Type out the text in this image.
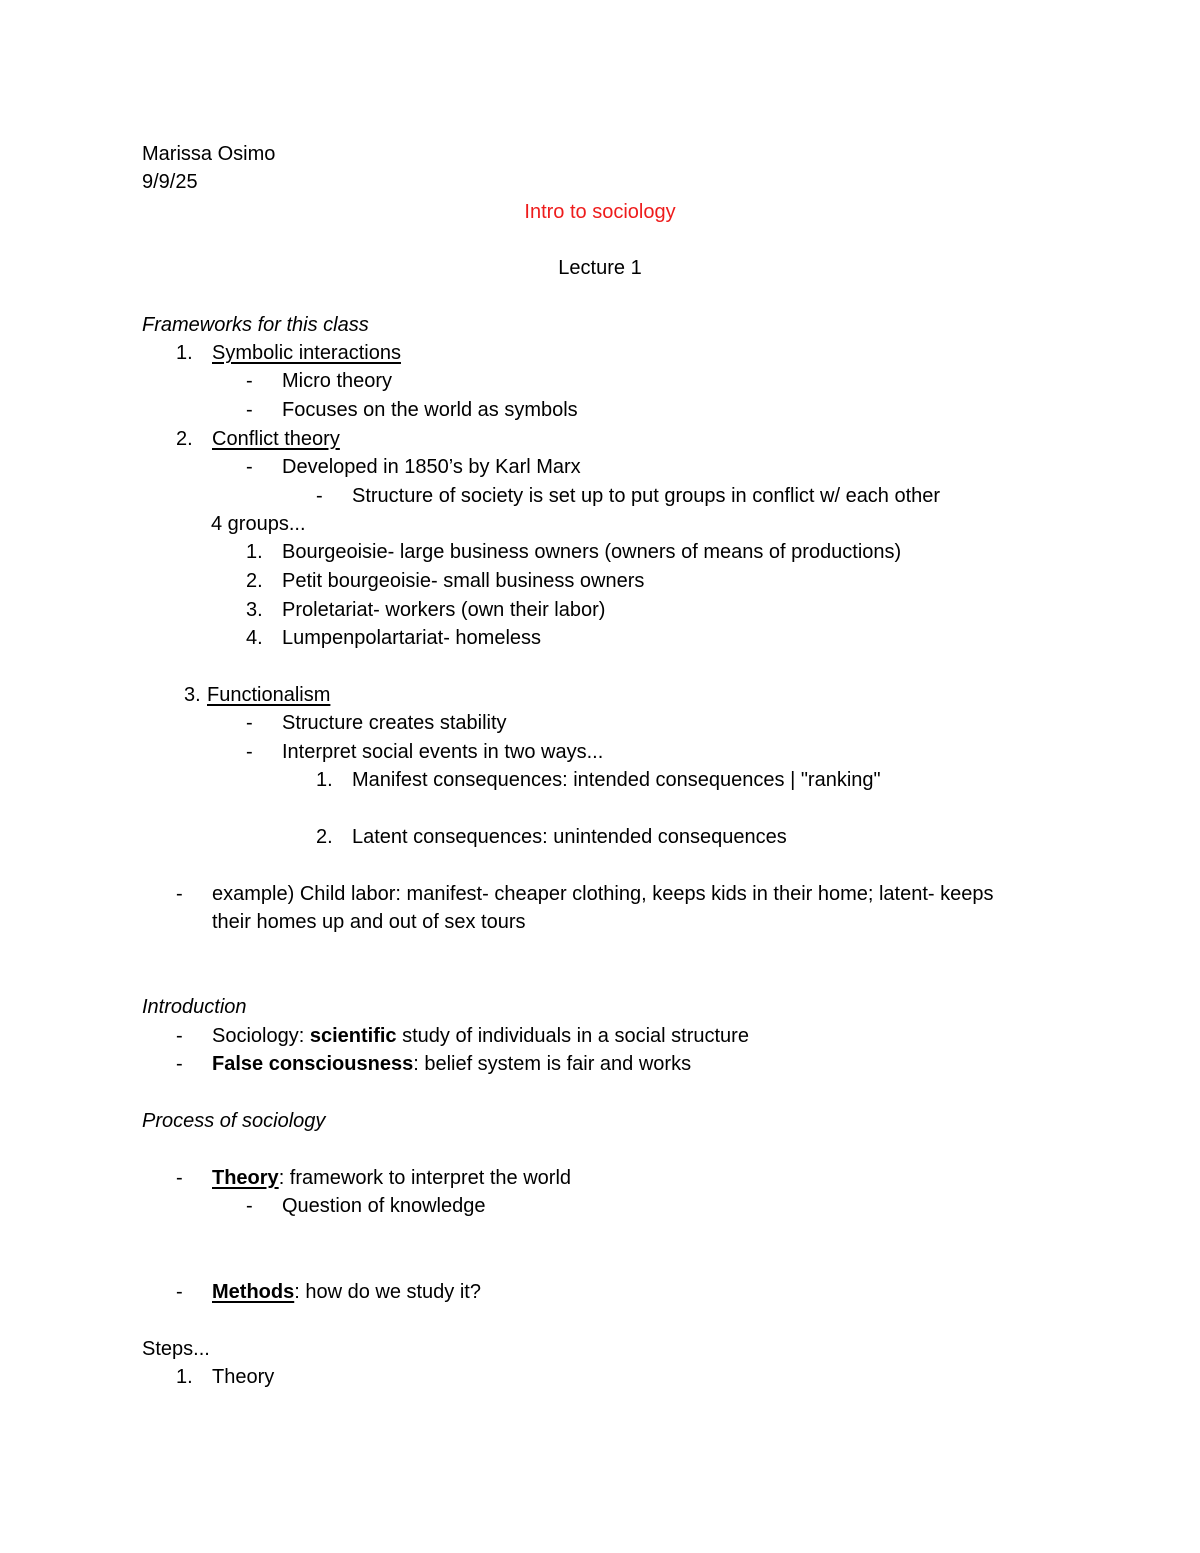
Marissa Osimo
9/9/25
Intro to sociology
Lecture 1
Frameworks for this class
1. Symbolic interactions
- Micro theory
- Focuses on the world as symbols
2. Conflict theory
- Developed in 1850’s by Karl Marx
- Structure of society is set up to put groups in conflict w/ each other
4 groups...
1. Bourgeoisie- large business owners (owners of means of productions)
2. Petit bourgeoisie- small business owners
3. Proletariat- workers (own their labor)
4. Lumpenpolartariat- homeless
3. Functionalism
- Structure creates stability
- Interpret social events in two ways...
1. Manifest consequences: intended consequences | "ranking"
2. Latent consequences: unintended consequences
- example) Child labor: manifest- cheaper clothing, keeps kids in their home; latent- keeps
their homes up and out of sex tours
Introduction
- Sociology: scientific study of individuals in a social structure
- False consciousness: belief system is fair and works
Process of sociology
- Theory: framework to interpret the world
- Question of knowledge
- Methods: how do we study it?
Steps...
1. Theory
